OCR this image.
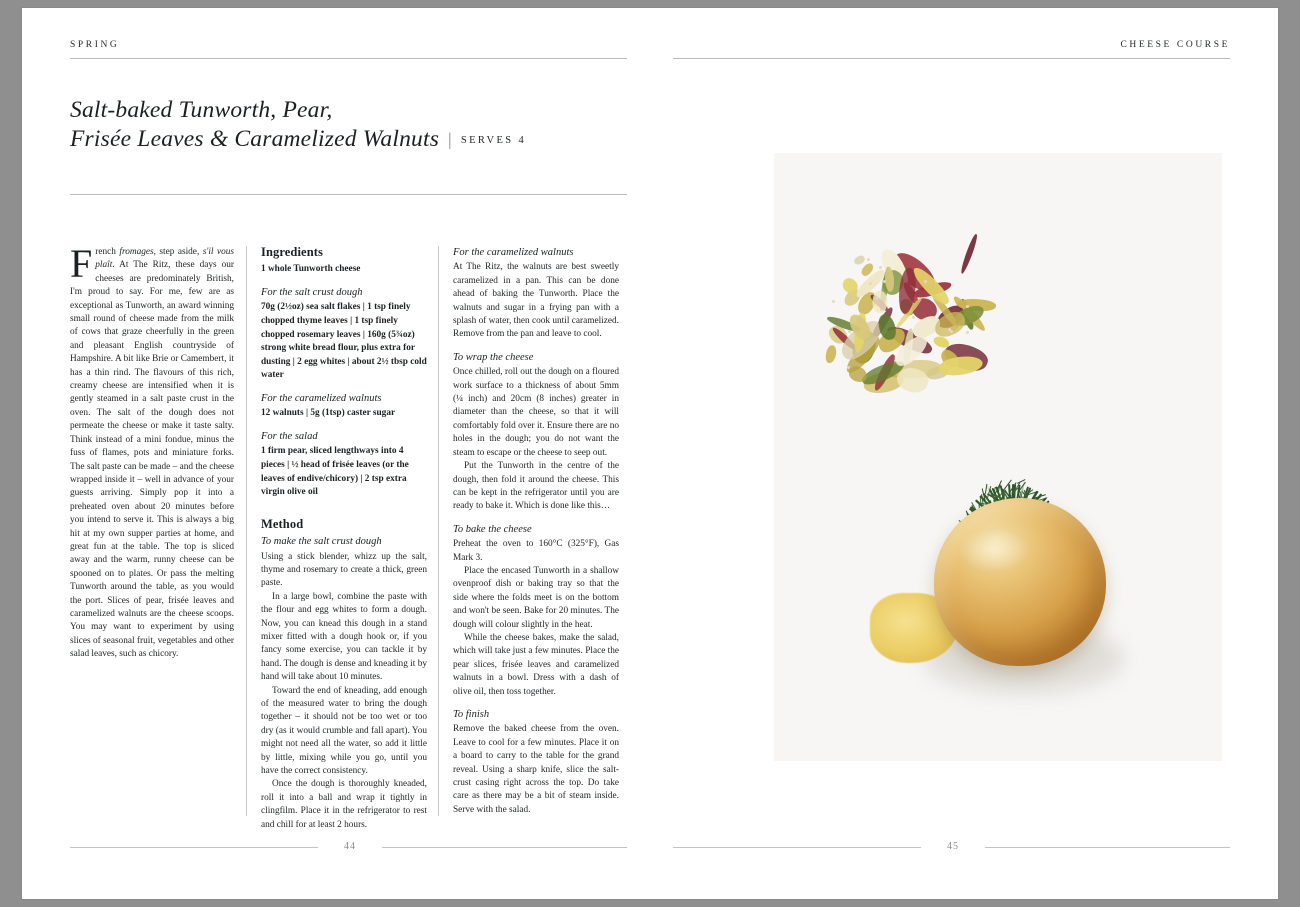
SPRING
Salt-baked Tunworth, Pear,
Frisée Leaves & Caramelized Walnuts | SERVES 4

French fromages, step aside, s'il vous plaît. At The Ritz, these days our cheeses are predominately British, I'm proud to say. For me, few are as exceptional as Tunworth, an award winning small round of cheese made from the milk of cows that graze cheerfully in the green and pleasant English countryside of Hampshire. A bit like Brie or Camembert, it has a thin rind. The flavours of this rich, creamy cheese are intensified when it is gently steamed in a salt paste crust in the oven. The salt of the dough does not permeate the cheese or make it taste salty. Think instead of a mini fondue, minus the fuss of flames, pots and miniature forks. The salt paste can be made – and the cheese wrapped inside it – well in advance of your guests arriving. Simply pop it into a preheated oven about 20 minutes before you intend to serve it. This is always a big hit at my own supper parties at home, and great fun at the table. The top is sliced away and the warm, runny cheese can be spooned on to plates. Or pass the melting Tunworth around the table, as you would the port. Slices of pear, frisée leaves and caramelized walnuts are the cheese scoops. You may want to experiment by using slices of seasonal fruit, vegetables and other salad leaves, such as chicory.

Ingredients
1 whole Tunworth cheese
For the salt crust dough
70g (2½oz) sea salt flakes | 1 tsp finely chopped thyme leaves | 1 tsp finely chopped rosemary leaves | 160g (5¾oz) strong white bread flour, plus extra for dusting | 2 egg whites | about 2½ tbsp cold water
For the caramelized walnuts
12 walnuts | 5g (1tsp) caster sugar
For the salad
1 firm pear, sliced lengthways into 4 pieces | ½ head of frisée leaves (or the leaves of endive/chicory) | 2 tsp extra virgin olive oil
Method
To make the salt crust dough

Using a stick blender, whizz up the salt, thyme and rosemary to create a thick, green paste.

In a large bowl, combine the paste with the flour and egg whites to form a dough. Now, you can knead this dough in a stand mixer fitted with a dough hook or, if you fancy some exercise, you can tackle it by hand. The dough is dense and kneading it by hand will take about 10 minutes.

Toward the end of kneading, add enough of the measured water to bring the dough together – it should not be too wet or too dry (as it would crumble and fall apart). You might not need all the water, so add it little by little, mixing while you go, until you have the correct consistency.

Once the dough is thoroughly kneaded, roll it into a ball and wrap it tightly in clingfilm. Place it in the refrigerator to rest and chill for at least 2 hours.

For the caramelized walnuts

At The Ritz, the walnuts are best sweetly caramelized in a pan. This can be done ahead of baking the Tunworth. Place the walnuts and sugar in a frying pan with a splash of water, then cook until caramelized. Remove from the pan and leave to cool.

To wrap the cheese

Once chilled, roll out the dough on a floured work surface to a thickness of about 5mm (¼ inch) and 20cm (8 inches) greater in diameter than the cheese, so that it will comfortably fold over it. Ensure there are no holes in the dough; you do not want the steam to escape or the cheese to seep out.

Put the Tunworth in the centre of the dough, then fold it around the cheese. This can be kept in the refrigerator until you are ready to bake it. Which is done like this…

To bake the cheese

Preheat the oven to 160°C (325°F), Gas Mark 3.

Place the encased Tunworth in a shallow ovenproof dish or baking tray so that the side where the folds meet is on the bottom and won't be seen. Bake for 20 minutes. The dough will colour slightly in the heat.

While the cheese bakes, make the salad, which will take just a few minutes. Place the pear slices, frisée leaves and caramelized walnuts in a bowl. Dress with a dash of olive oil, then toss together.

To finish

Remove the baked cheese from the oven. Leave to cool for a few minutes. Place it on a board to carry to the table for the grand reveal. Using a sharp knife, slice the salt-crust casing right across the top. Do take care as there may be a bit of steam inside. Serve with the salad.

44
CHEESE COURSE
45
